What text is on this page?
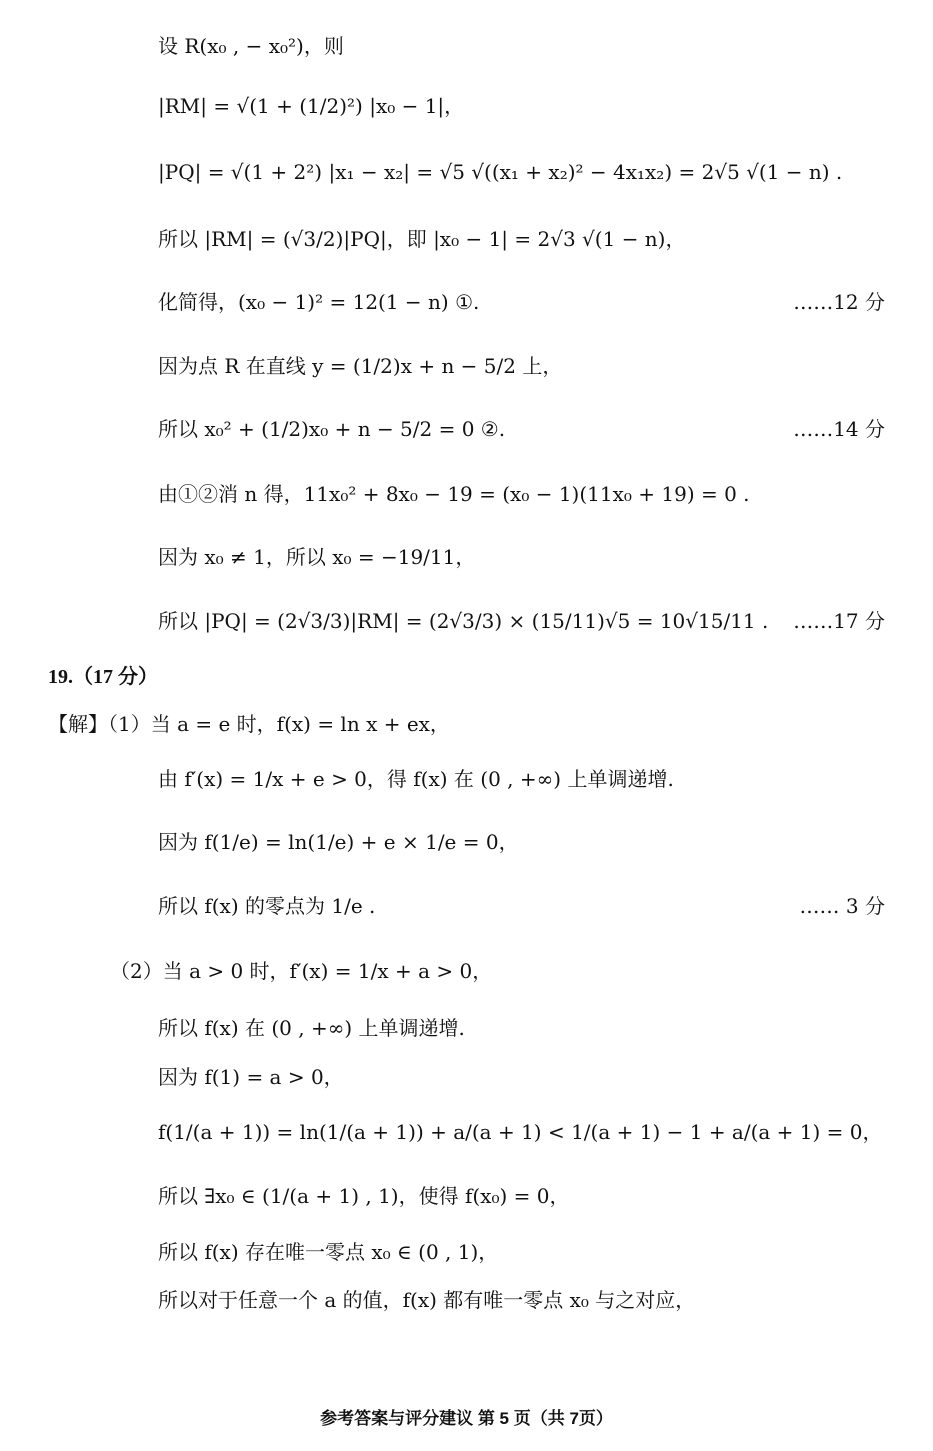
设 R(x₀ , − x₀²)，则
|RM| = √(1 + (1/2)²) |x₀ − 1|，
|PQ| = √(1 + 2²) |x₁ − x₂| = √5 √((x₁ + x₂)² − 4x₁x₂) = 2√5 √(1 − n) .
所以 |RM| = (√3/2)|PQ|，即 |x₀ − 1| = 2√3 √(1 − n)，
化简得，(x₀ − 1)² = 12(1 − n) ①.	……12 分
因为点 R 在直线 y = (1/2)x + n − 5/2 上，
所以 x₀² + (1/2)x₀ + n − 5/2 = 0 ②.	……14 分
由①②消 n 得，11x₀² + 8x₀ − 19 = (x₀ − 1)(11x₀ + 19) = 0 .
因为 x₀ ≠ 1，所以 x₀ = −19/11，
所以 |PQ| = (2√3/3)|RM| = (2√3/3) × (15/11)√5 = 10√15/11 . ……17 分
19.（17 分）
【解】（1）当 a = e 时，f(x) = ln x + ex，
由 f′(x) = 1/x + e > 0，得 f(x) 在 (0 , +∞) 上单调递增.
因为 f(1/e) = ln(1/e) + e × 1/e = 0，
所以 f(x) 的零点为 1/e .	…… 3 分
（2）当 a > 0 时，f′(x) = 1/x + a > 0，
所以 f(x) 在 (0 , +∞) 上单调递增.
因为 f(1) = a > 0，
f(1/(a + 1)) = ln(1/(a + 1)) + a/(a + 1) < 1/(a + 1) − 1 + a/(a + 1) = 0，
所以 ∃x₀ ∈ (1/(a + 1) , 1)，使得 f(x₀) = 0，
所以 f(x) 存在唯一零点 x₀ ∈ (0 , 1)，
所以对于任意一个 a 的值，f(x) 都有唯一零点 x₀ 与之对应，
参考答案与评分建议 第 5 页（共 7页）
